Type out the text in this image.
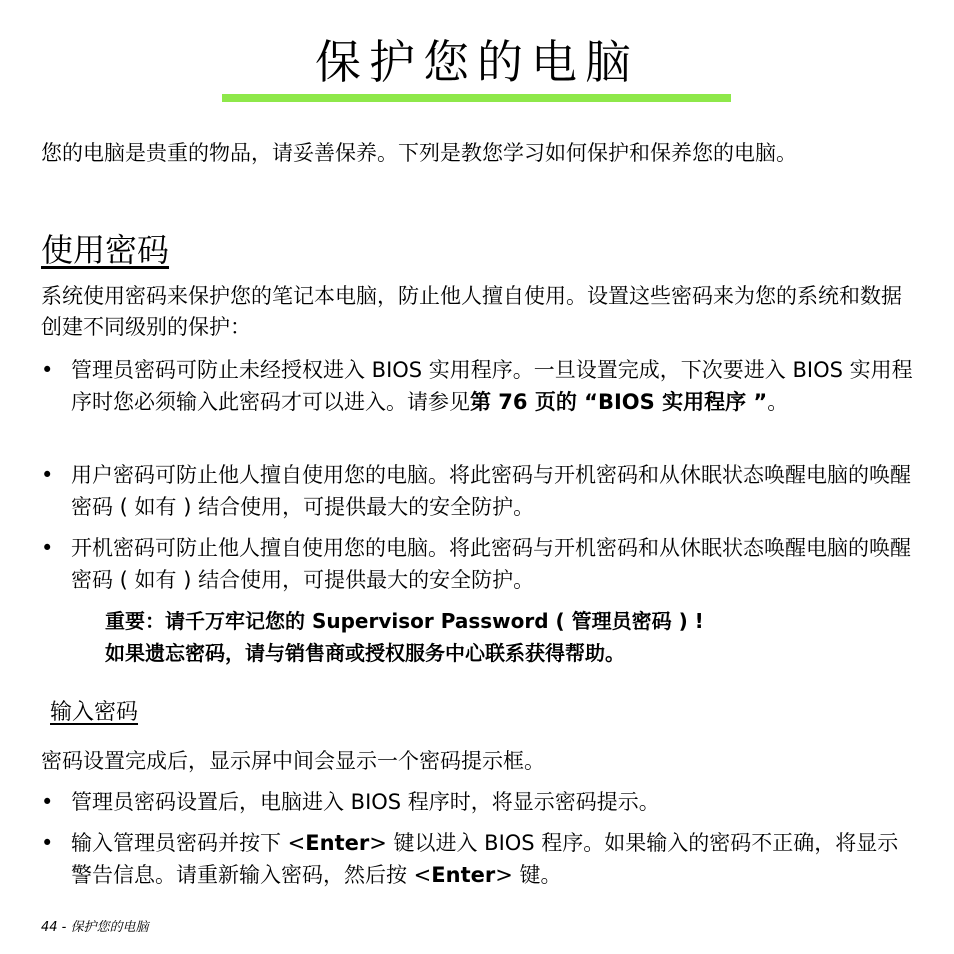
保护您的电脑

您的电脑是贵重的物品，请妥善保养。下列是教您学习如何保护和保养您的电脑。

使用密码

系统使用密码来保护您的笔记本电脑，防止他人擅自使用。设置这些密码来为您的系统和数据创建不同级别的保护：

• 管理员密码可防止未经授权进入 BIOS 实用程序。一旦设置完成，下次要进入 BIOS 实用程序时您必须输入此密码才可以进入。请参见第 76 页的 “BIOS 实用程序 ”。
• 用户密码可防止他人擅自使用您的电脑。将此密码与开机密码和从休眠状态唤醒电脑的唤醒密码 ( 如有 ) 结合使用，可提供最大的安全防护。
• 开机密码可防止他人擅自使用您的电脑。将此密码与开机密码和从休眠状态唤醒电脑的唤醒密码 ( 如有 ) 结合使用，可提供最大的安全防护。
重要：请千万牢记您的 Supervisor Password ( 管理员密码 ) !
如果遗忘密码，请与销售商或授权服务中心联系获得帮助。
输入密码

密码设置完成后，显示屏中间会显示一个密码提示框。

• 管理员密码设置后，电脑进入 BIOS 程序时，将显示密码提示。
• 输入管理员密码并按下 <Enter> 键以进入 BIOS 程序。如果输入的密码不正确，将显示警告信息。请重新输入密码，然后按 <Enter> 键。
44 - 保护您的电脑
